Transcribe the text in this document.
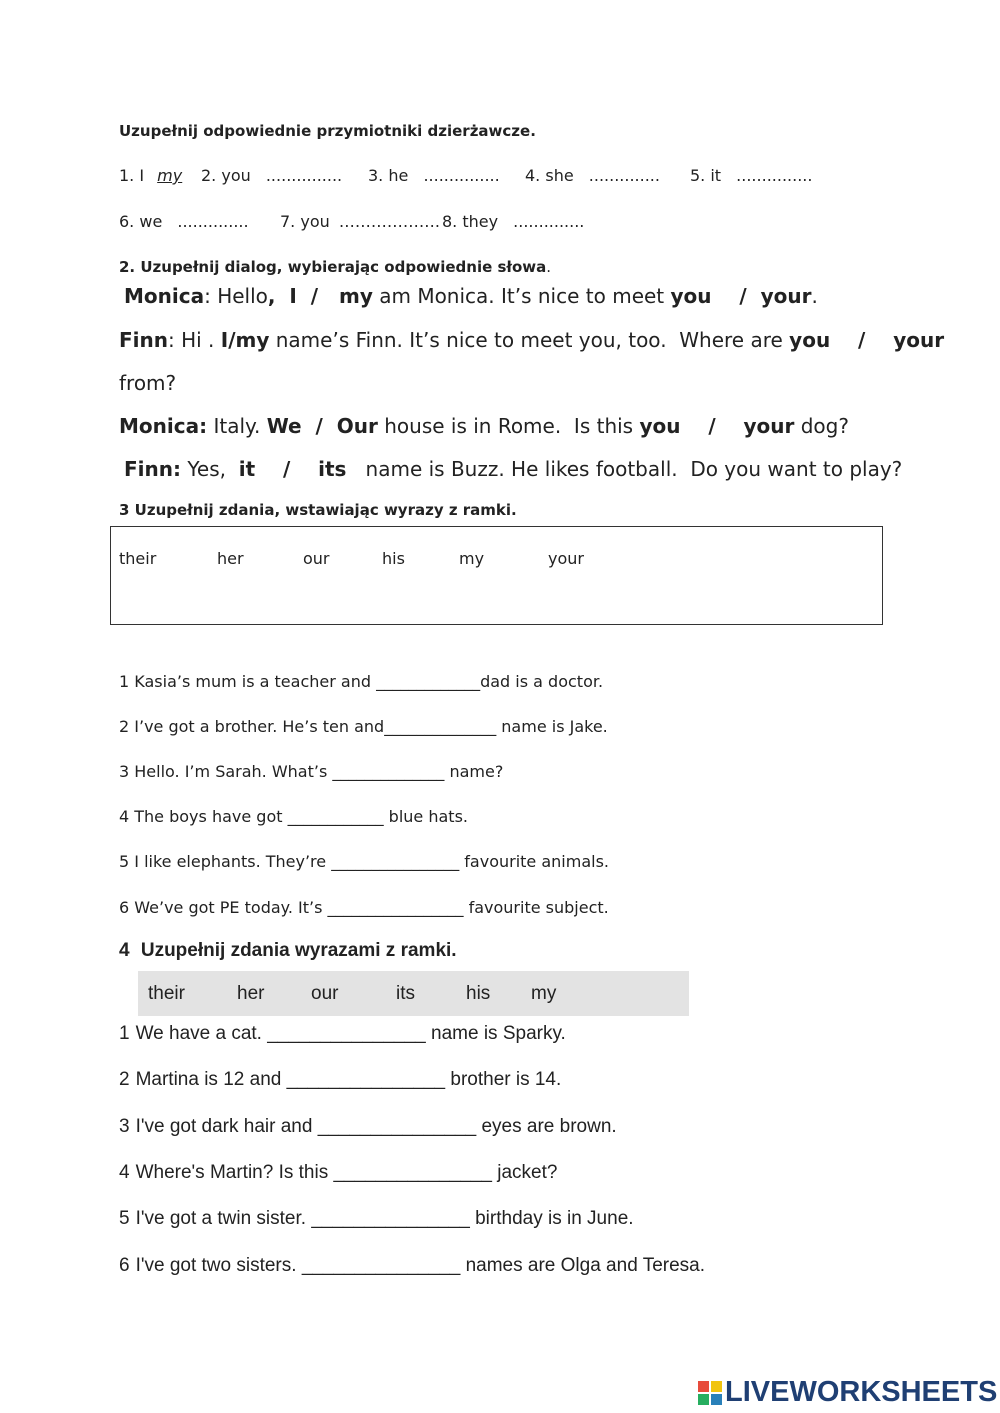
Uzupełnij odpowiednie przymiotniki dzierżawcze.
1. I my 2. you ............... 3. he ............... 4. she .............. 5. it ...............
6. we .............. 7. you ………………. 8. they ..............
2. Uzupełnij dialog, wybierając odpowiednie słowa.
Monica: Hello,  I  /   my am Monica. It’s nice to meet you    /  your.
Finn: Hi . I/my name’s Finn. It’s nice to meet you, too.  Where are you    /    your
from?
Monica: Italy. We  /  Our house is in Rome.  Is this you    /    your dog?
Finn: Yes,  it    /    its   name is Buzz. He likes football.  Do you want to play?
3 Uzupełnij zdania, wstawiając wyrazy z ramki.
their	her	our	his	my	your
1 Kasia’s mum is a teacher and _____________dad is a doctor.
2 I’ve got a brother. He’s ten and______________ name is Jake.
3 Hello. I’m Sarah. What’s ______________ name?
4 The boys have got ____________ blue hats.
5 I like elephants. They’re ________________ favourite animals.
6 We’ve got PE today. It’s _________________ favourite subject.
4 Uzupełnij zdania wyrazami z ramki.
their	her our	its	his my
1 We have a cat. _______________ name is Sparky.
2 Martina is 12 and _______________ brother is 14.
3 I've got dark hair and _______________ eyes are brown.
4 Where's Martin? Is this _______________ jacket?
5 I've got a twin sister. _______________ birthday is in June.
6 I've got two sisters. _______________ names are Olga and Teresa.
LIVEWORKSHEETS
